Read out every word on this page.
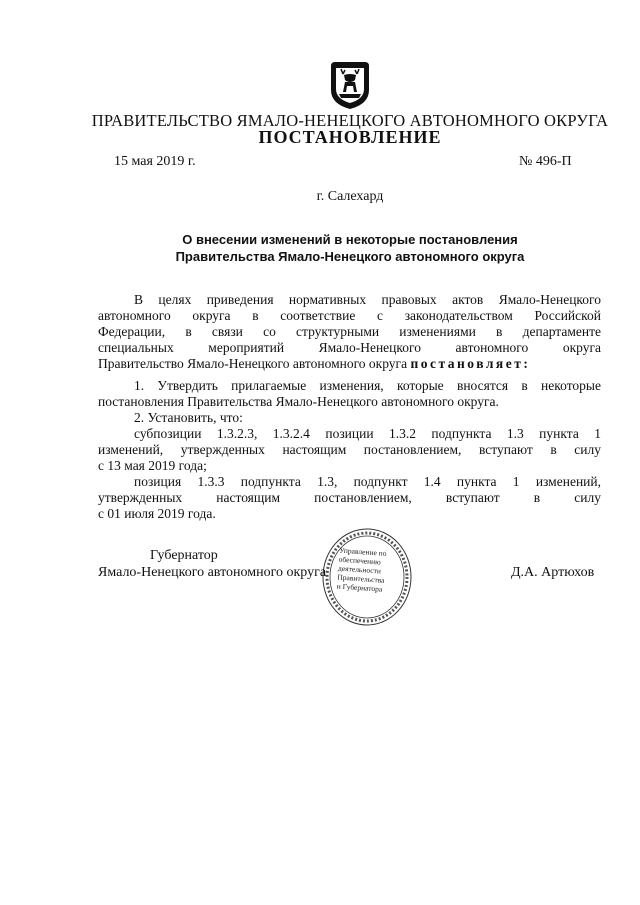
ПРАВИТЕЛЬСТВО ЯМАЛО-НЕНЕЦКОГО АВТОНОМНОГО ОКРУГА
ПОСТАНОВЛЕНИЕ
15 мая 2019 г.	№ 496-П
г. Салехард
О внесении изменений в некоторые постановления
Правительства Ямало-Ненецкого автономного округа
В целях приведения нормативных правовых актов Ямало-Ненецкого
автономного округа в соответствие с законодательством Российской
Федерации, в связи со структурными изменениями в департаменте
специальных мероприятий Ямало-Ненецкого автономного округа
Правительство Ямало-Ненецкого автономного округа постановляет:
1. Утвердить прилагаемые изменения, которые вносятся в некоторые
постановления Правительства Ямало-Ненецкого автономного округа.
2. Установить, что:
субпозиции 1.3.2.3, 1.3.2.4 позиции 1.3.2 подпункта 1.3 пункта 1
изменений, утвержденных настоящим постановлением, вступают в силу
с 13 мая 2019 года;
позиция 1.3.3 подпункта 1.3, подпункт 1.4 пункта 1 изменений,
утвержденных настоящим постановлением, вступают в силу
с 01 июля 2019 года.
Управление по
обеспечению
деятельности
Правительства
и Губернатора
Губернатор
Ямало-Ненецкого автономного округа	Д.А. Артюхов
